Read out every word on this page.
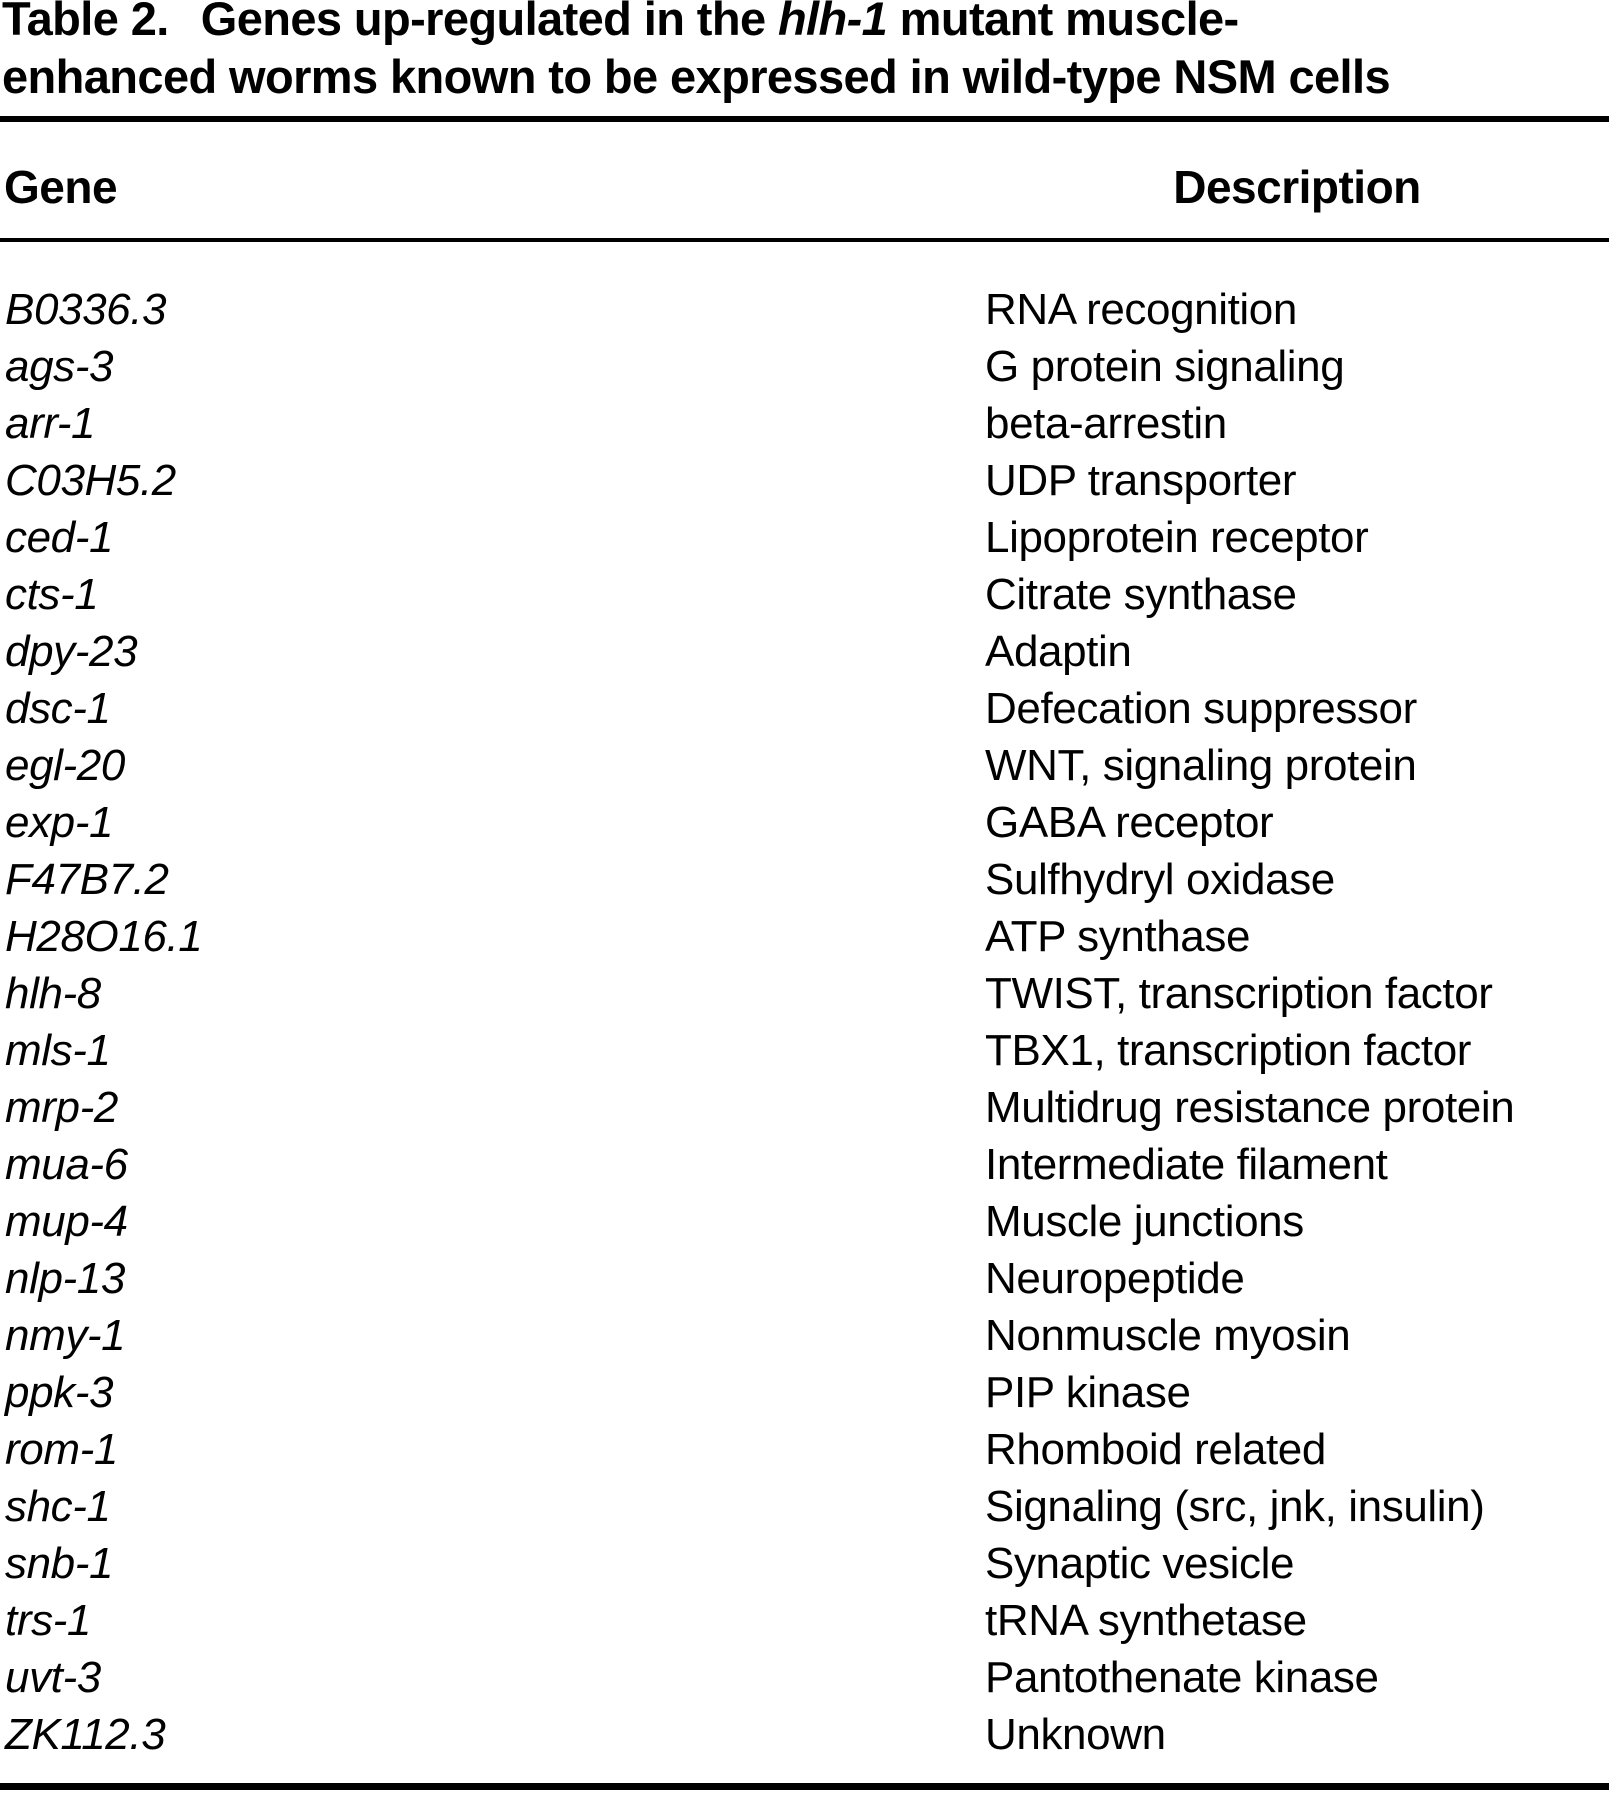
Table 2. Genes up-regulated in the hlh-1 mutant muscle-
enhanced worms known to be expressed in wild-type NSM cells
Gene	Description
B0336.3	RNA recognition
ags-3	G protein signaling
arr-1	beta-arrestin
C03H5.2	UDP transporter
ced-1	Lipoprotein receptor
cts-1	Citrate synthase
dpy-23	Adaptin
dsc-1	Defecation suppressor
egl-20	WNT, signaling protein
exp-1	GABA receptor
F47B7.2	Sulfhydryl oxidase
H28O16.1	ATP synthase
hlh-8	TWIST, transcription factor
mls-1	TBX1, transcription factor
mrp-2	Multidrug resistance protein
mua-6	Intermediate filament
mup-4	Muscle junctions
nlp-13	Neuropeptide
nmy-1	Nonmuscle myosin
ppk-3	PIP kinase
rom-1	Rhomboid related
shc-1	Signaling (src, jnk, insulin)
snb-1	Synaptic vesicle
trs-1	tRNA synthetase
uvt-3	Pantothenate kinase
ZK112.3	Unknown
